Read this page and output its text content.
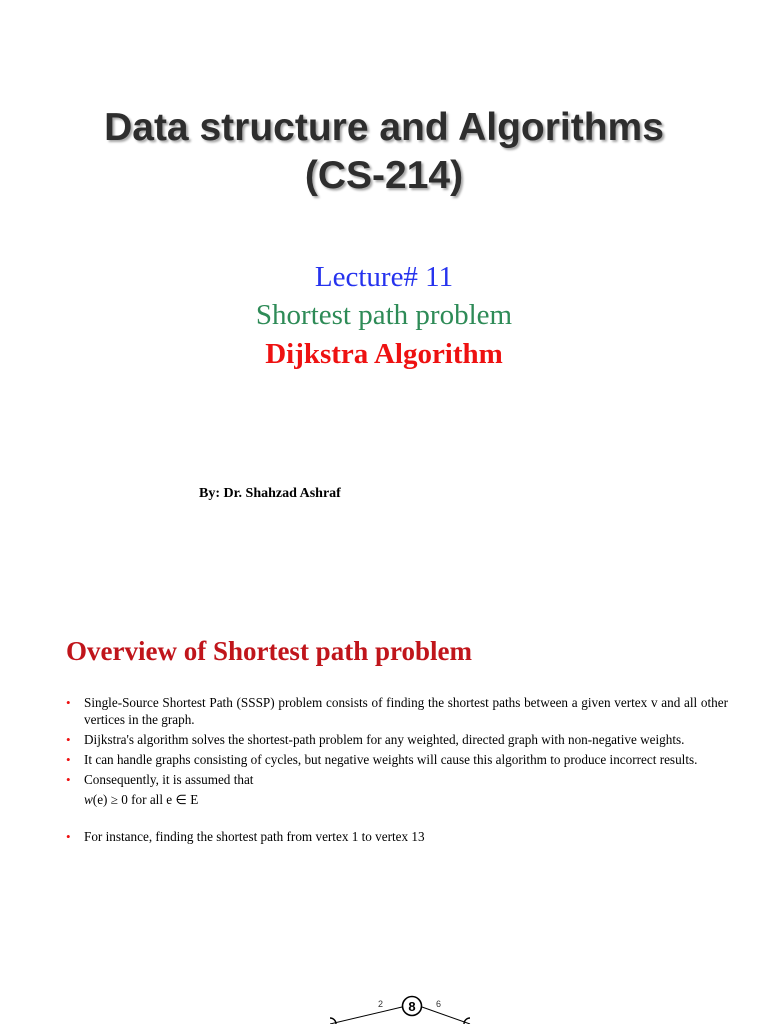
Data structure and Algorithms
(CS-214)
Lecture# 11
Shortest path problem
Dijkstra Algorithm
By: Dr. Shahzad Ashraf
Overview of Shortest path problem
• Single-Source Shortest Path (SSSP) problem consists of finding the shortest paths between a given vertex v and all other vertices in the graph.
• Dijkstra's algorithm solves the shortest-path problem for any weighted, directed graph with non-negative weights.
• It can handle graphs consisting of cycles, but negative weights will cause this algorithm to produce incorrect results.
• Consequently, it is assumed that
w(e) ≥ 0 for all e ∈ E
• For instance, finding the shortest path from vertex 1 to vertex 13
8
2	6
